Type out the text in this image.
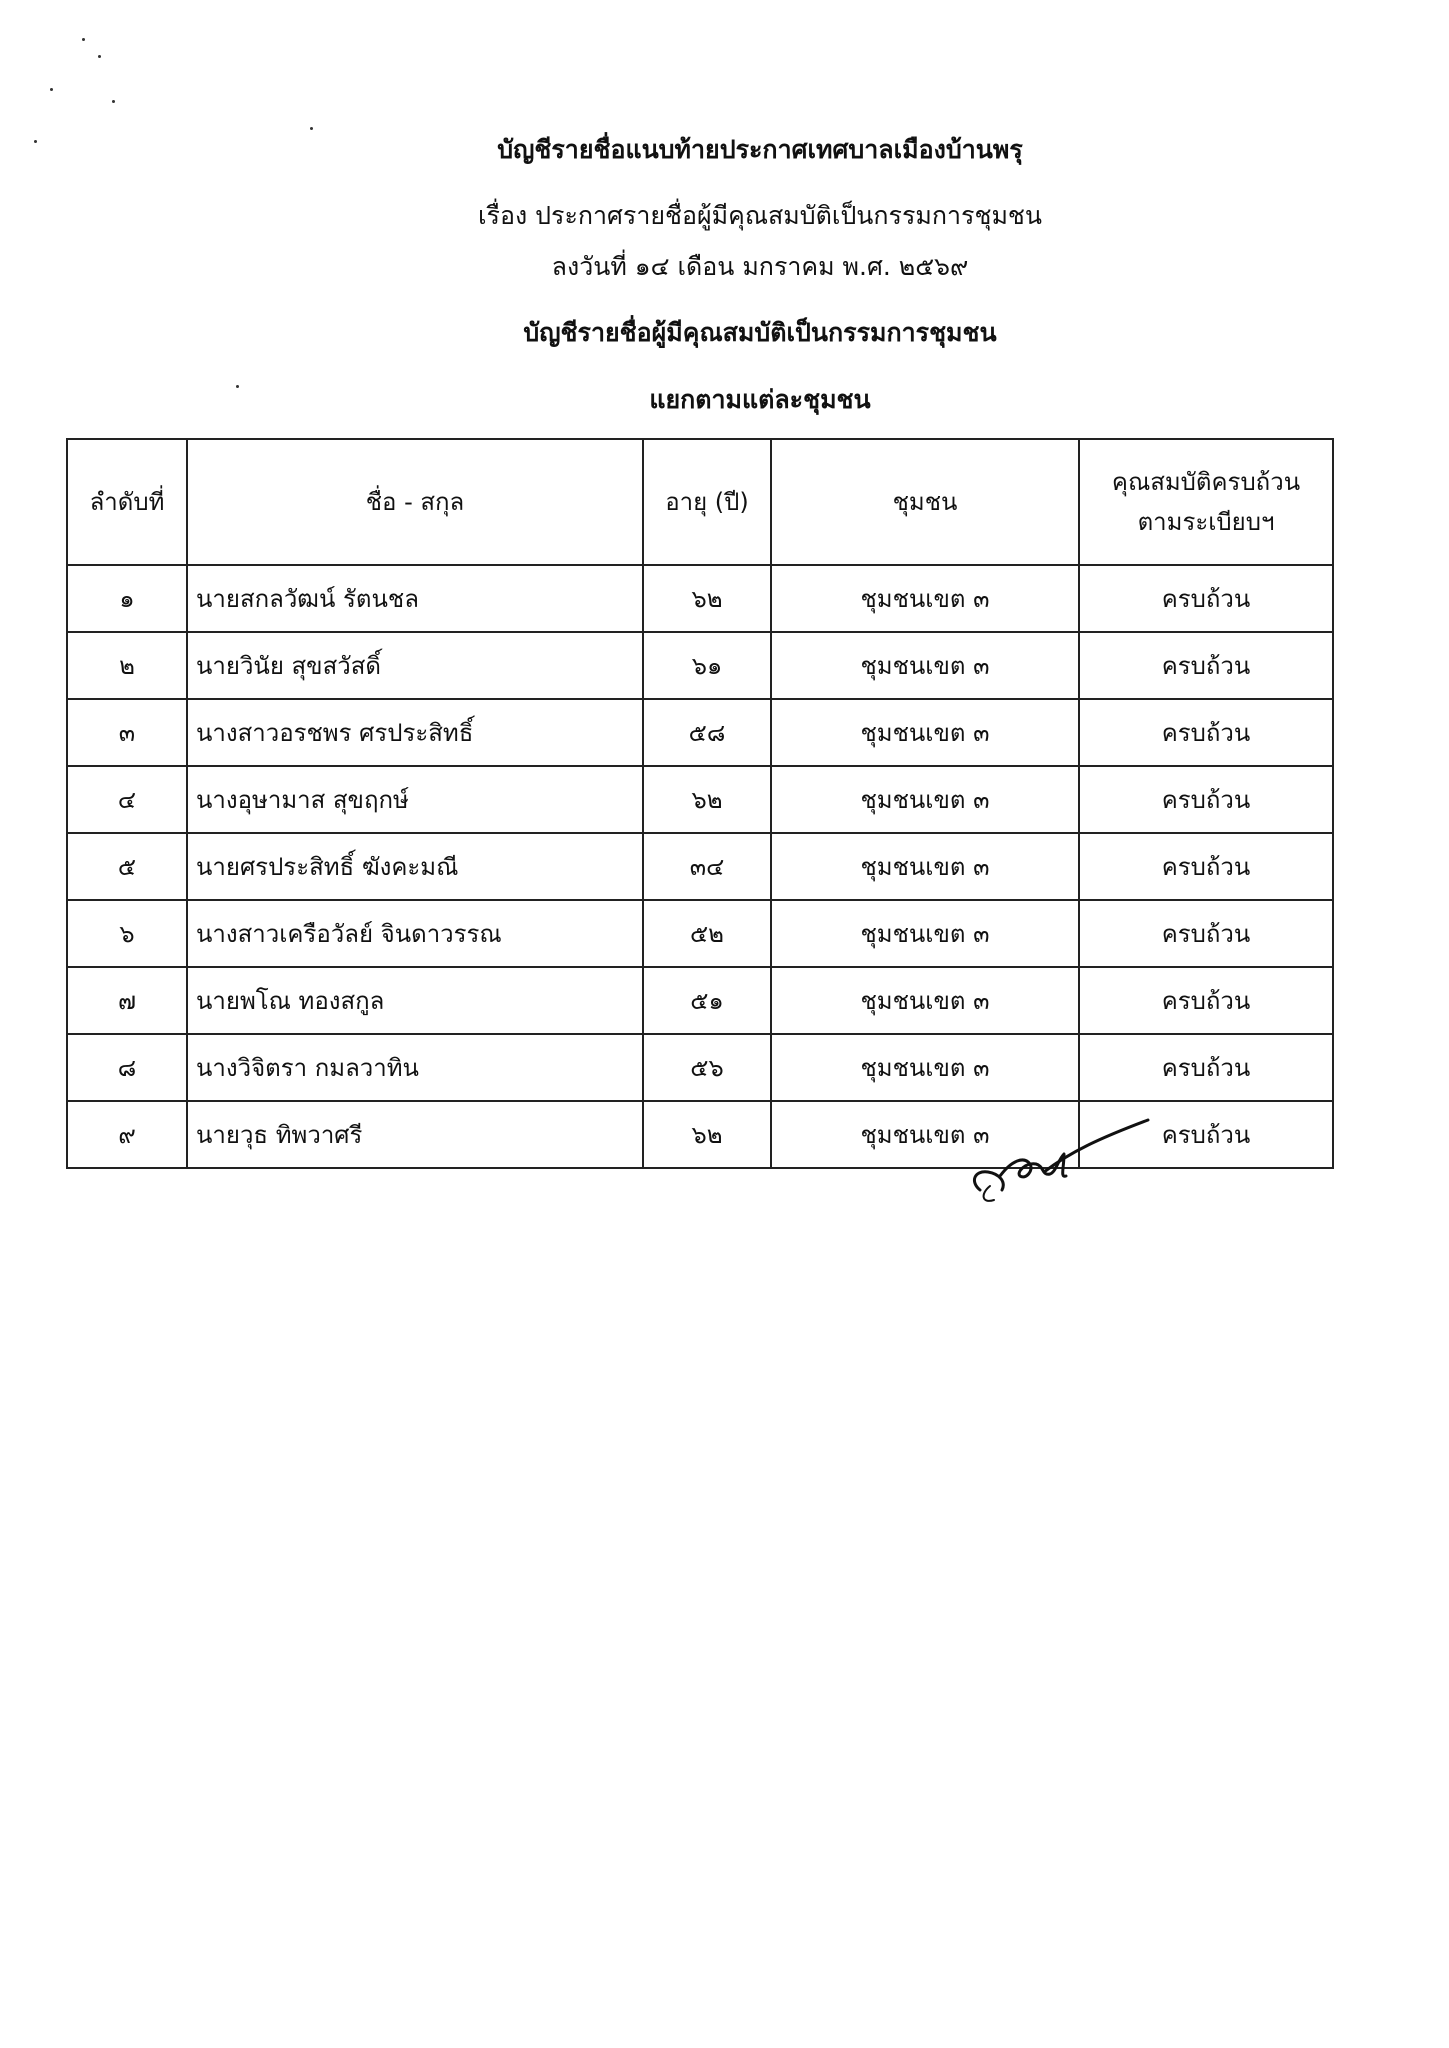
บัญชีรายชื่อแนบท้ายประกาศเทศบาลเมืองบ้านพรุ
เรื่อง ประกาศรายชื่อผู้มีคุณสมบัติเป็นกรรมการชุมชน
ลงวันที่ ๑๔ เดือน มกราคม พ.ศ. ๒๕๖๙
บัญชีรายชื่อผู้มีคุณสมบัติเป็นกรรมการชุมชน
แยกตามแต่ละชุมชน
ลำดับที่	ชื่อ - สกุล	อายุ (ปี)	ชุมชน	คุณสมบัติครบถ้วน
ตามระเบียบฯ

๑	นายสกลวัฒน์ รัตนชล	๖๒	ชุมชนเขต ๓	ครบถ้วน
๒	นายวินัย สุขสวัสดิ์	๖๑	ชุมชนเขต ๓	ครบถ้วน
๓	นางสาวอรชพร ศรประสิทธิ์	๕๘	ชุมชนเขต ๓	ครบถ้วน
๔	นางอุษามาส สุขฤกษ์	๖๒	ชุมชนเขต ๓	ครบถ้วน
๕	นายศรประสิทธิ์ ฆังคะมณี	๓๔	ชุมชนเขต ๓	ครบถ้วน
๖	นางสาวเครือวัลย์ จินดาวรรณ	๕๒	ชุมชนเขต ๓	ครบถ้วน
๗	นายพโณ ทองสกูล	๕๑	ชุมชนเขต ๓	ครบถ้วน
๘	นางวิจิตรา กมลวาทิน	๕๖	ชุมชนเขต ๓	ครบถ้วน
๙	นายวุธ ทิพวาศรี	๖๒	ชุมชนเขต ๓	ครบถ้วน
